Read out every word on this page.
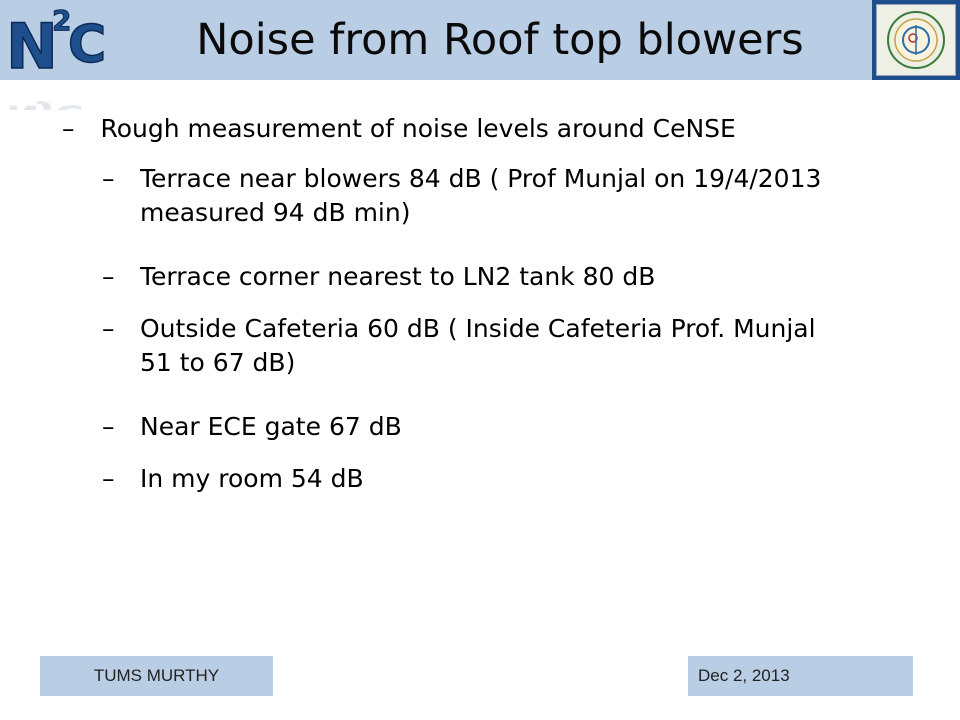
N
2
C	Noise from Roof top blowers
– Rough measurement of noise levels around CeNSE
– Terrace near blowers 84 dB ( Prof Munjal on 19/4/2013 measured 94 dB min)
– Terrace corner nearest to LN2 tank 80 dB
– Outside Cafeteria 60 dB ( Inside Cafeteria Prof. Munjal 51 to 67 dB)
– Near ECE gate 67 dB
– In my room 54 dB
TUMS MURTHY	Dec 2, 2013
